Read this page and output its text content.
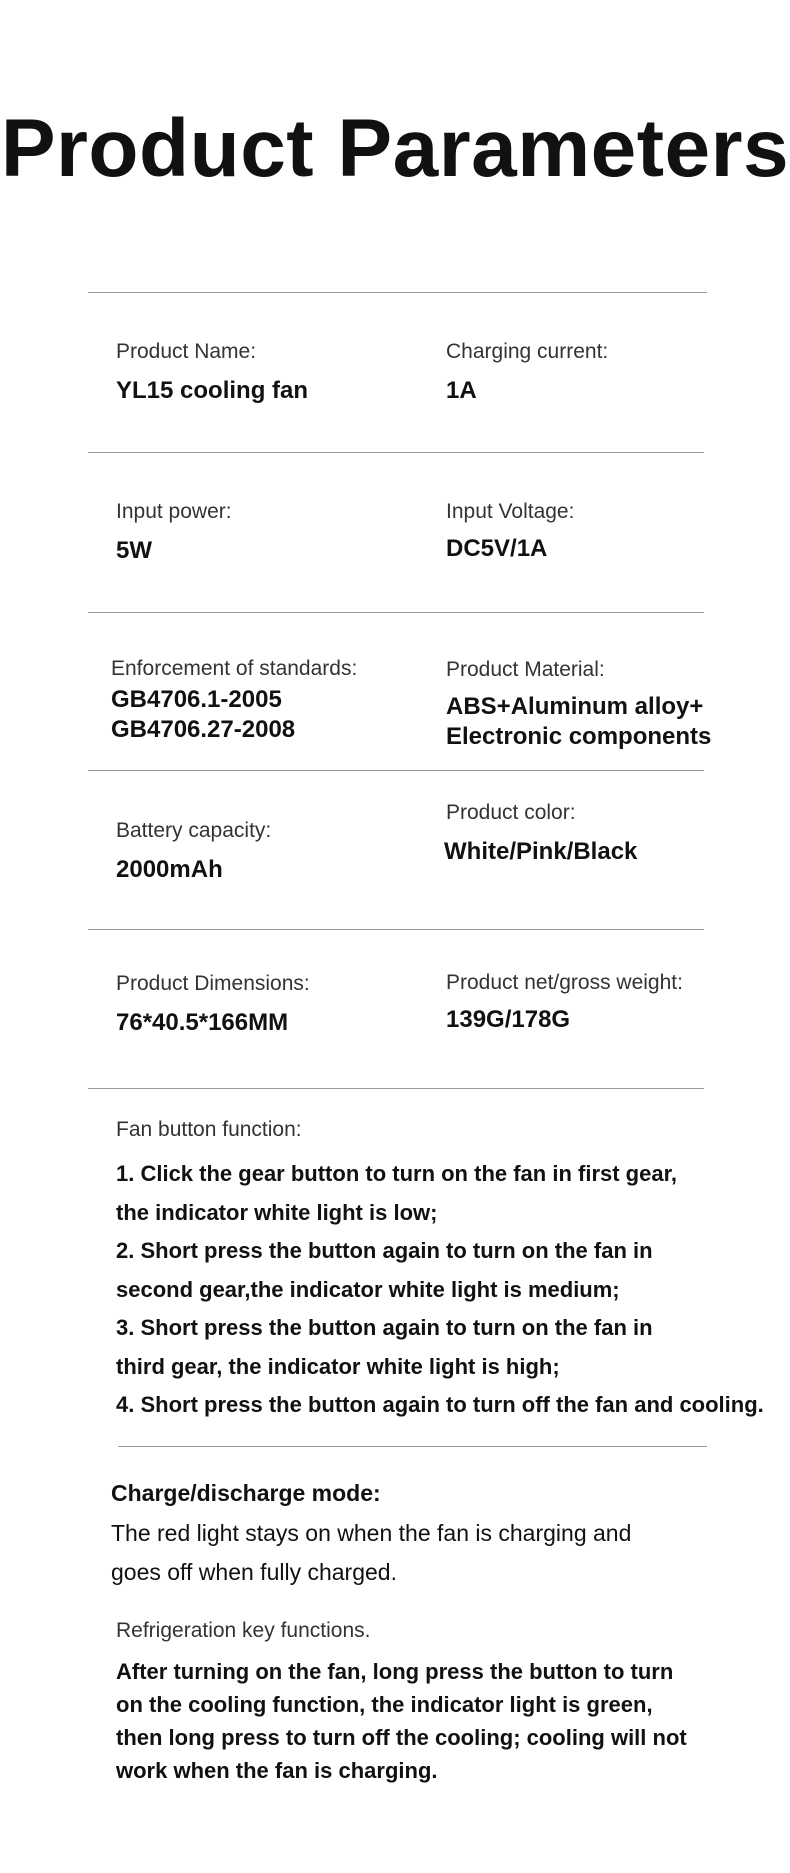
Product Parameters
Product Name:
YL15 cooling fan
Charging current:
1A
Input power:
5W
Input Voltage:
DC5V/1A
Enforcement of standards:
GB4706.1-2005
GB4706.27-2008
Product Material:
ABS+Aluminum alloy+
Electronic components
Battery capacity:
2000mAh
Product color:
White/Pink/Black
Product Dimensions:
76*40.5*166MM
Product net/gross weight:
139G/178G
Fan button function:
1. Click the gear button to turn on the fan in first gear,
the indicator white light is low;
2. Short press the button again to turn on the fan in
second gear,the indicator white light is medium;
3. Short press the button again to turn on the fan in
third gear, the indicator white light is high;
4. Short press the button again to turn off the fan and cooling.
Charge/discharge mode:
The red light stays on when the fan is charging and
goes off when fully charged.
Refrigeration key functions.
After turning on the fan, long press the button to turn
on the cooling function, the indicator light is green,
then long press to turn off the cooling; cooling will not
work when the fan is charging.
